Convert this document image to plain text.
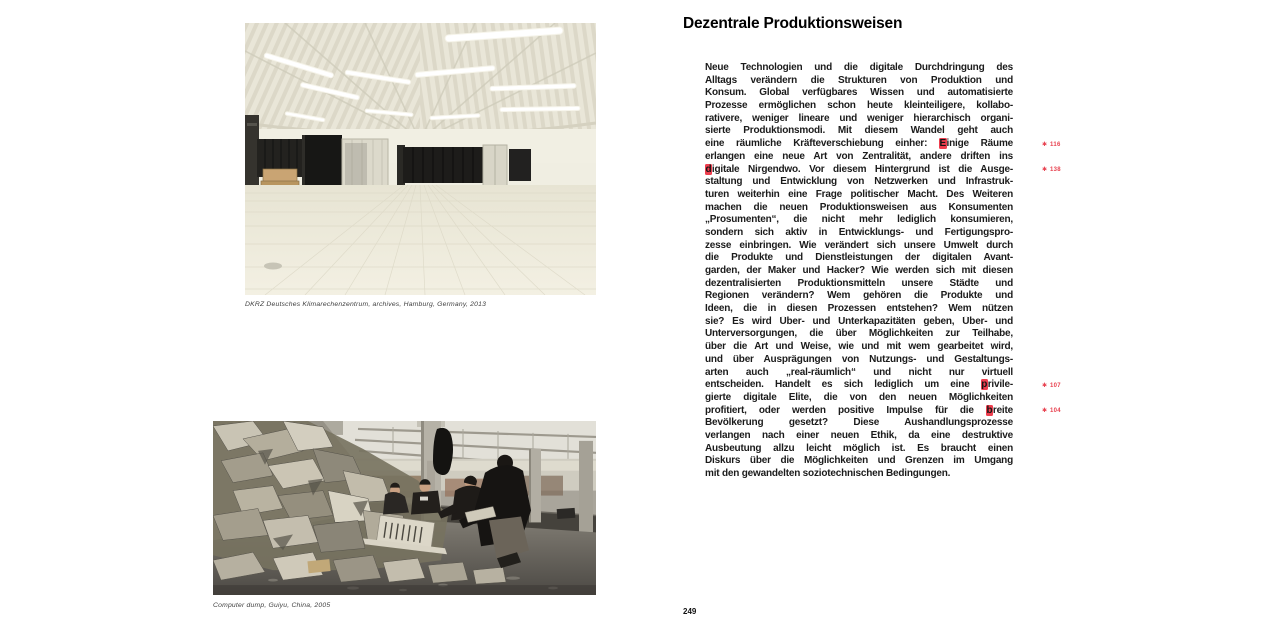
DKRZ Deutsches Klimarechenzentrum, archives, Hamburg, Germany, 2013
Computer dump, Guiyu, China, 2005
249
Dezentrale Produktionsweisen
Neue Technologien und die digitale Durchdringung des
Alltags verändern die Strukturen von Produktion und
Konsum. Global verfügbares Wissen und automatisierte
Prozesse ermöglichen schon heute kleinteiligere, kollabo-
rativere, weniger lineare und weniger hierarchisch organi-
sierte Produktionsmodi. Mit diesem Wandel geht auch
eine räumliche Kräfteverschiebung einher: Einige Räume
erlangen eine neue Art von Zentralität, andere driften ins
digitale Nirgendwo. Vor diesem Hintergrund ist die Ausge-
staltung und Entwicklung von Netzwerken und Infrastruk-
turen weiterhin eine Frage politischer Macht. Des Weiteren
machen die neuen Produktionsweisen aus Konsumenten
„Prosumenten“, die nicht mehr lediglich konsumieren,
sondern sich aktiv in Entwicklungs- und Fertigungspro-
zesse einbringen. Wie verändert sich unsere Umwelt durch
die Produkte und Dienstleistungen der digitalen Avant-
garden, der Maker und Hacker? Wie werden sich mit diesen
dezentralisierten Produktionsmitteln unsere Städte und
Regionen verändern? Wem gehören die Produkte und
Ideen, die in diesen Prozessen entstehen? Wem nützen
sie? Es wird Über- und Unterkapazitäten geben, Über- und
Unterversorgungen, die über Möglichkeiten zur Teilhabe,
über die Art und Weise, wie und mit wem gearbeitet wird,
und über Ausprägungen von Nutzungs- und Gestaltungs-
arten auch „real-räumlich“ und nicht nur virtuell
entscheiden. Handelt es sich lediglich um eine privile-
gierte digitale Elite, die von den neuen Möglichkeiten
profitiert, oder werden positive Impulse für die breite
Bevölkerung gesetzt? Diese Aushandlungsprozesse
verlangen nach einer neuen Ethik, da eine destruktive
Ausbeutung allzu leicht möglich ist. Es braucht einen
Diskurs über die Möglichkeiten und Grenzen im Umgang
mit den gewandelten soziotechnischen Bedingungen.
✱ 116
✱ 138
✱ 107
✱ 104
